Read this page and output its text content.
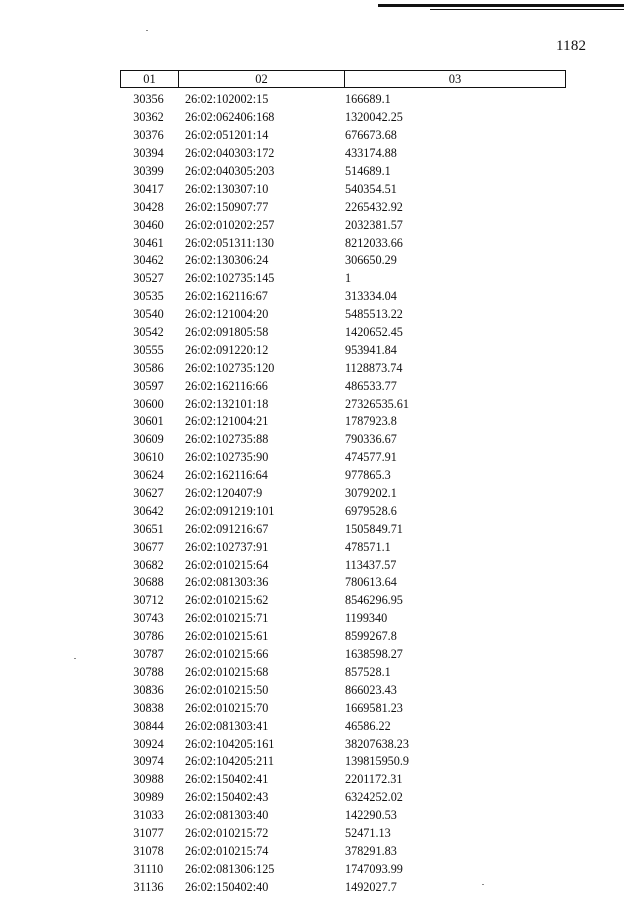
1182
01	02	03
30356	26:02:102002:15	166689.1
30362	26:02:062406:168	1320042.25
30376	26:02:051201:14	676673.68
30394	26:02:040303:172	433174.88
30399	26:02:040305:203	514689.1
30417	26:02:130307:10	540354.51
30428	26:02:150907:77	2265432.92
30460	26:02:010202:257	2032381.57
30461	26:02:051311:130	8212033.66
30462	26:02:130306:24	306650.29
30527	26:02:102735:145	1
30535	26:02:162116:67	313334.04
30540	26:02:121004:20	5485513.22
30542	26:02:091805:58	1420652.45
30555	26:02:091220:12	953941.84
30586	26:02:102735:120	1128873.74
30597	26:02:162116:66	486533.77
30600	26:02:132101:18	27326535.61
30601	26:02:121004:21	1787923.8
30609	26:02:102735:88	790336.67
30610	26:02:102735:90	474577.91
30624	26:02:162116:64	977865.3
30627	26:02:120407:9	3079202.1
30642	26:02:091219:101	6979528.6
30651	26:02:091216:67	1505849.71
30677	26:02:102737:91	478571.1
30682	26:02:010215:64	113437.57
30688	26:02:081303:36	780613.64
30712	26:02:010215:62	8546296.95
30743	26:02:010215:71	1199340
30786	26:02:010215:61	8599267.8
30787	26:02:010215:66	1638598.27
30788	26:02:010215:68	857528.1
30836	26:02:010215:50	866023.43
30838	26:02:010215:70	1669581.23
30844	26:02:081303:41	46586.22
30924	26:02:104205:161	38207638.23
30974	26:02:104205:211	139815950.9
30988	26:02:150402:41	2201172.31
30989	26:02:150402:43	6324252.02
31033	26:02:081303:40	142290.53
31077	26:02:010215:72	52471.13
31078	26:02:010215:74	378291.83
31110	26:02:081306:125	1747093.99
31136	26:02:150402:40	1492027.7
